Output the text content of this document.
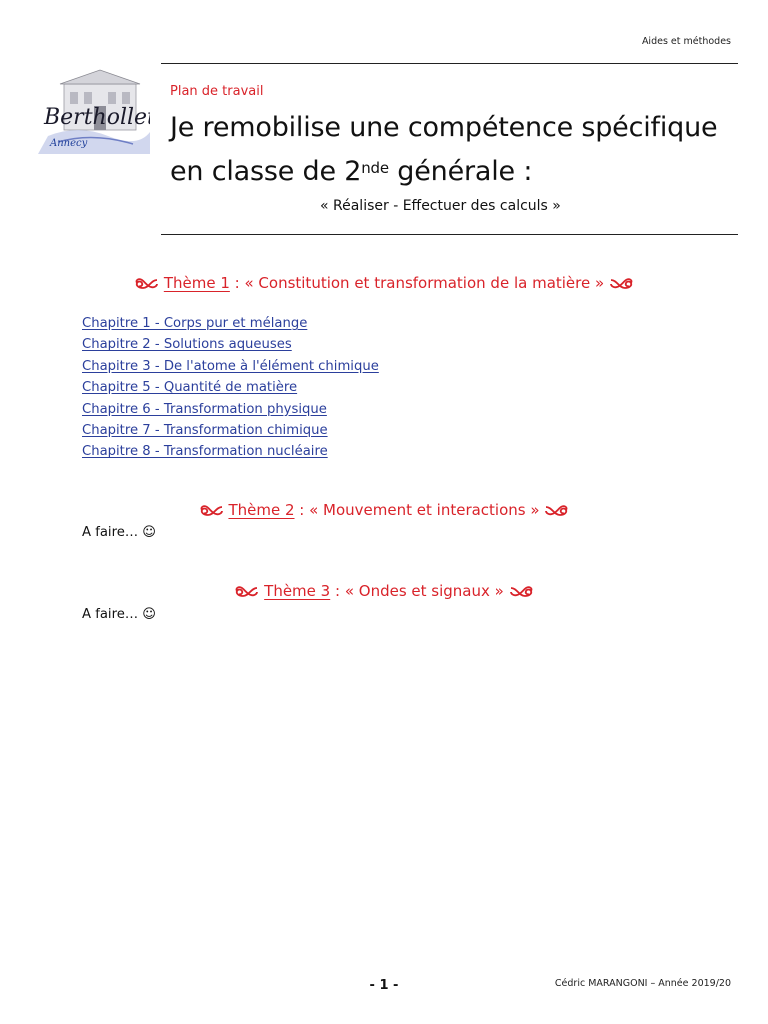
Aides et méthodes
Berthollet
Annecy
Plan de travail
Je remobilise une compétence spécifique
en classe de 2nde générale :
« Réaliser - Effectuer des calculs »
Thème 1 : « Constitution et transformation de la matière »
Chapitre 1 - Corps pur et mélange
Chapitre 2 - Solutions aqueuses
Chapitre 3 - De l'atome à l'élément chimique
Chapitre 5 - Quantité de matière
Chapitre 6 - Transformation physique
Chapitre 7 - Transformation chimique
Chapitre 8 - Transformation nucléaire
Thème 2 : « Mouvement et interactions »
A faire… ☺
Thème 3 : « Ondes et signaux »
A faire… ☺
- 1 -	Cédric MARANGONI – Année 2019/20
